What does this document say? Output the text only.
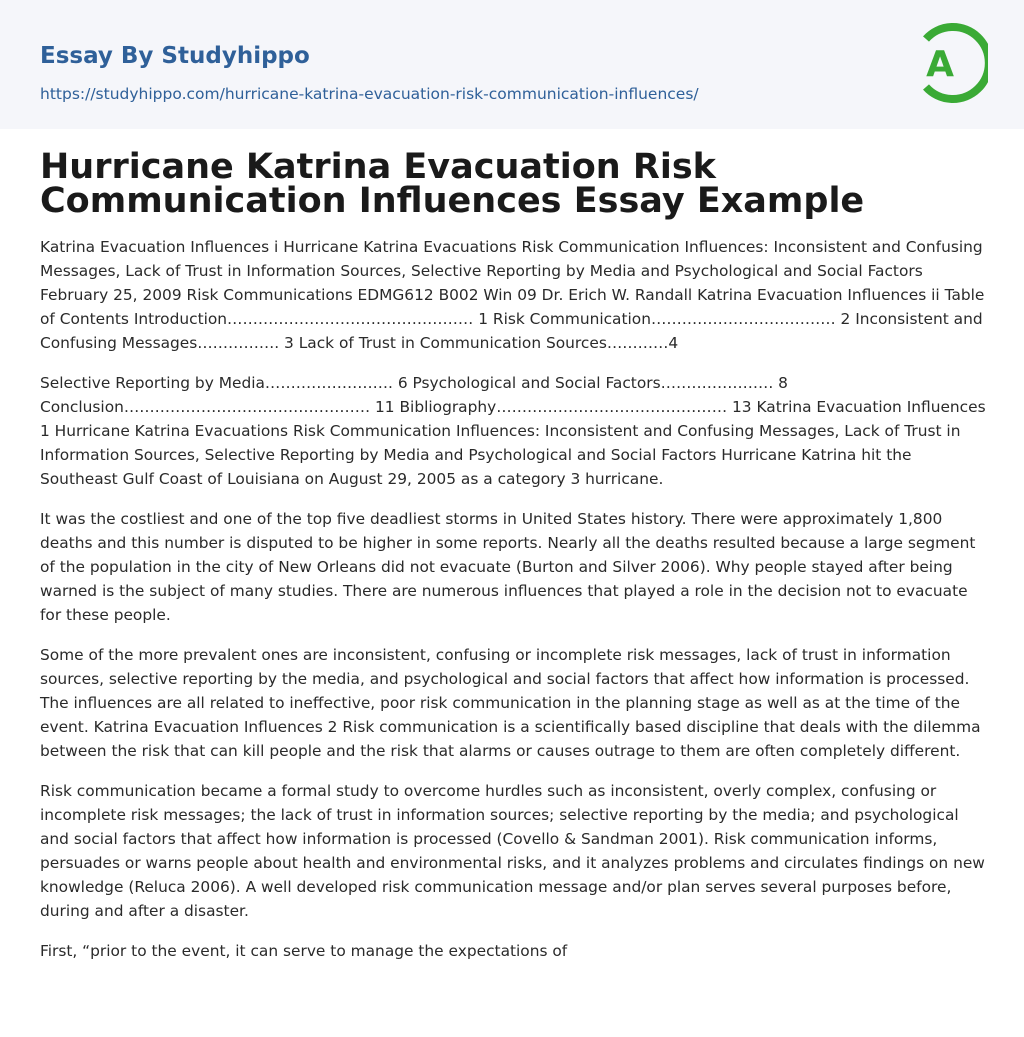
Essay By Studyhippo
https://studyhippo.com/hurricane-katrina-evacuation-risk-communication-influences/
A
Hurricane Katrina Evacuation Risk Communication Influences Essay Example

Katrina Evacuation Influences i Hurricane Katrina Evacuations Risk Communication Influences: Inconsistent and Confusing Messages, Lack of Trust in Information Sources, Selective Reporting by Media and Psychological and Social Factors February 25, 2009 Risk Communications EDMG612 B002 Win 09 Dr. Erich W. Randall Katrina Evacuation Influences ii Table of Contents Introduction………………………………………… 1 Risk Communication……………………………… 2 Inconsistent and Confusing Messages……………. 3 Lack of Trust in Communication Sources…………4

Selective Reporting by Media……………………. 6 Psychological and Social Factors…………………. 8 Conclusion………………………………………… 11 Bibliography……………………………………… 13 Katrina Evacuation Influences 1 Hurricane Katrina Evacuations Risk Communication Influences: Inconsistent and Confusing Messages, Lack of Trust in Information Sources, Selective Reporting by Media and Psychological and Social Factors Hurricane Katrina hit the Southeast Gulf Coast of Louisiana on August 29, 2005 as a category 3 hurricane.

It was the costliest and one of the top five deadliest storms in United States history. There were approximately 1,800 deaths and this number is disputed to be higher in some reports. Nearly all the deaths resulted because a large segment of the population in the city of New Orleans did not evacuate (Burton and Silver 2006). Why people stayed after being warned is the subject of many studies. There are numerous influences that played a role in the decision not to evacuate for these people.

Some of the more prevalent ones are inconsistent, confusing or incomplete risk messages, lack of trust in information sources, selective reporting by the media, and psychological and social factors that affect how information is processed. The influences are all related to ineffective, poor risk communication in the planning stage as well as at the time of the event. Katrina Evacuation Influences 2 Risk communication is a scientifically based discipline that deals with the dilemma between the risk that can kill people and the risk that alarms or causes outrage to them are often completely different.

Risk communication became a formal study to overcome hurdles such as inconsistent, overly complex, confusing or incomplete risk messages; the lack of trust in information sources; selective reporting by the media; and psychological and social factors that affect how information is processed (Covello & Sandman 2001). Risk communication informs, persuades or warns people about health and environmental risks, and it analyzes problems and circulates findings on new knowledge (Reluca 2006). A well developed risk communication message and/or plan serves several purposes before, during and after a disaster.

First, “prior to the event, it can serve to manage the expectations of
